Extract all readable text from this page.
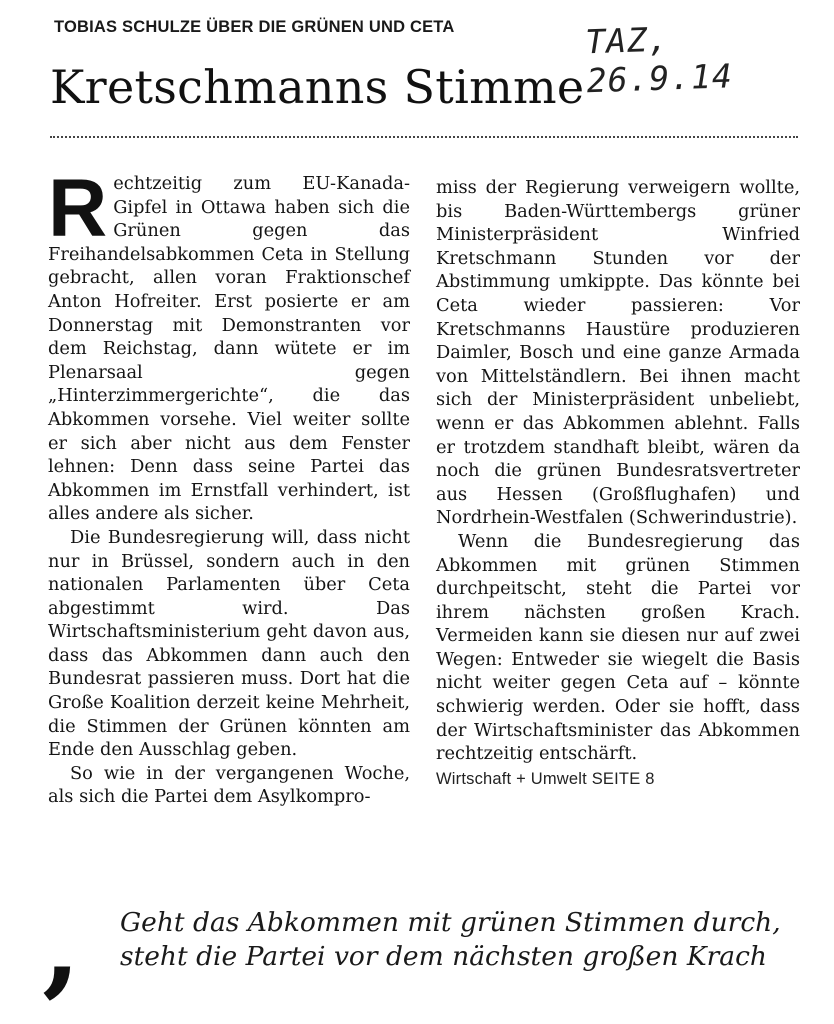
TOBIAS SCHULZE ÜBER DIE GRÜNEN UND CETA	TAZ, 26.9.14
Kretschmanns Stimme

Rechtzeitig zum EU-Kanada-Gipfel in Ottawa haben sich die Grünen gegen das Freihandelsabkommen Ceta in Stellung gebracht, allen voran Fraktionschef Anton Hofreiter. Erst posierte er am Donnerstag mit Demonstranten vor dem Reichstag, dann wütete er im Plenarsaal gegen „Hinterzimmergerichte“, die das Abkommen vorsehe. Viel weiter sollte er sich aber nicht aus dem Fenster lehnen: Denn dass seine Partei das Abkommen im Ernstfall verhindert, ist alles andere als sicher.

Die Bundesregierung will, dass nicht nur in Brüssel, sondern auch in den nationalen Parlamenten über Ceta abgestimmt wird. Das Wirtschaftsministerium geht davon aus, dass das Abkommen dann auch den Bundesrat passieren muss. Dort hat die Große Koalition derzeit keine Mehrheit, die Stimmen der Grünen könnten am Ende den Ausschlag geben.

So wie in der vergangenen Woche, als sich die Partei dem Asylkompro-

miss der Regierung verweigern wollte, bis Baden-Württembergs grüner Ministerpräsident Winfried Kretschmann Stunden vor der Abstimmung umkippte. Das könnte bei Ceta wieder passieren: Vor Kretschmanns Haustüre produzieren Daimler, Bosch und eine ganze Armada von Mittelständlern. Bei ihnen macht sich der Ministerpräsident unbeliebt, wenn er das Abkommen ablehnt. Falls er trotzdem standhaft bleibt, wären da noch die grünen Bundesratsvertreter aus Hessen (Großflughafen) und Nordrhein-Westfalen (Schwerindustrie).

Wenn die Bundesregierung das Abkommen mit grünen Stimmen durchpeitscht, steht die Partei vor ihrem nächsten großen Krach. Vermeiden kann sie diesen nur auf zwei Wegen: Entweder sie wiegelt die Basis nicht weiter gegen Ceta auf – könnte schwierig werden. Oder sie hofft, dass der Wirtschaftsminister das Abkommen rechtzeitig entschärft.

Wirtschaft + Umwelt SEITE 8
‚ Geht das Abkommen mit grünen Stimmen durch,
steht die Partei vor dem nächsten großen Krach
